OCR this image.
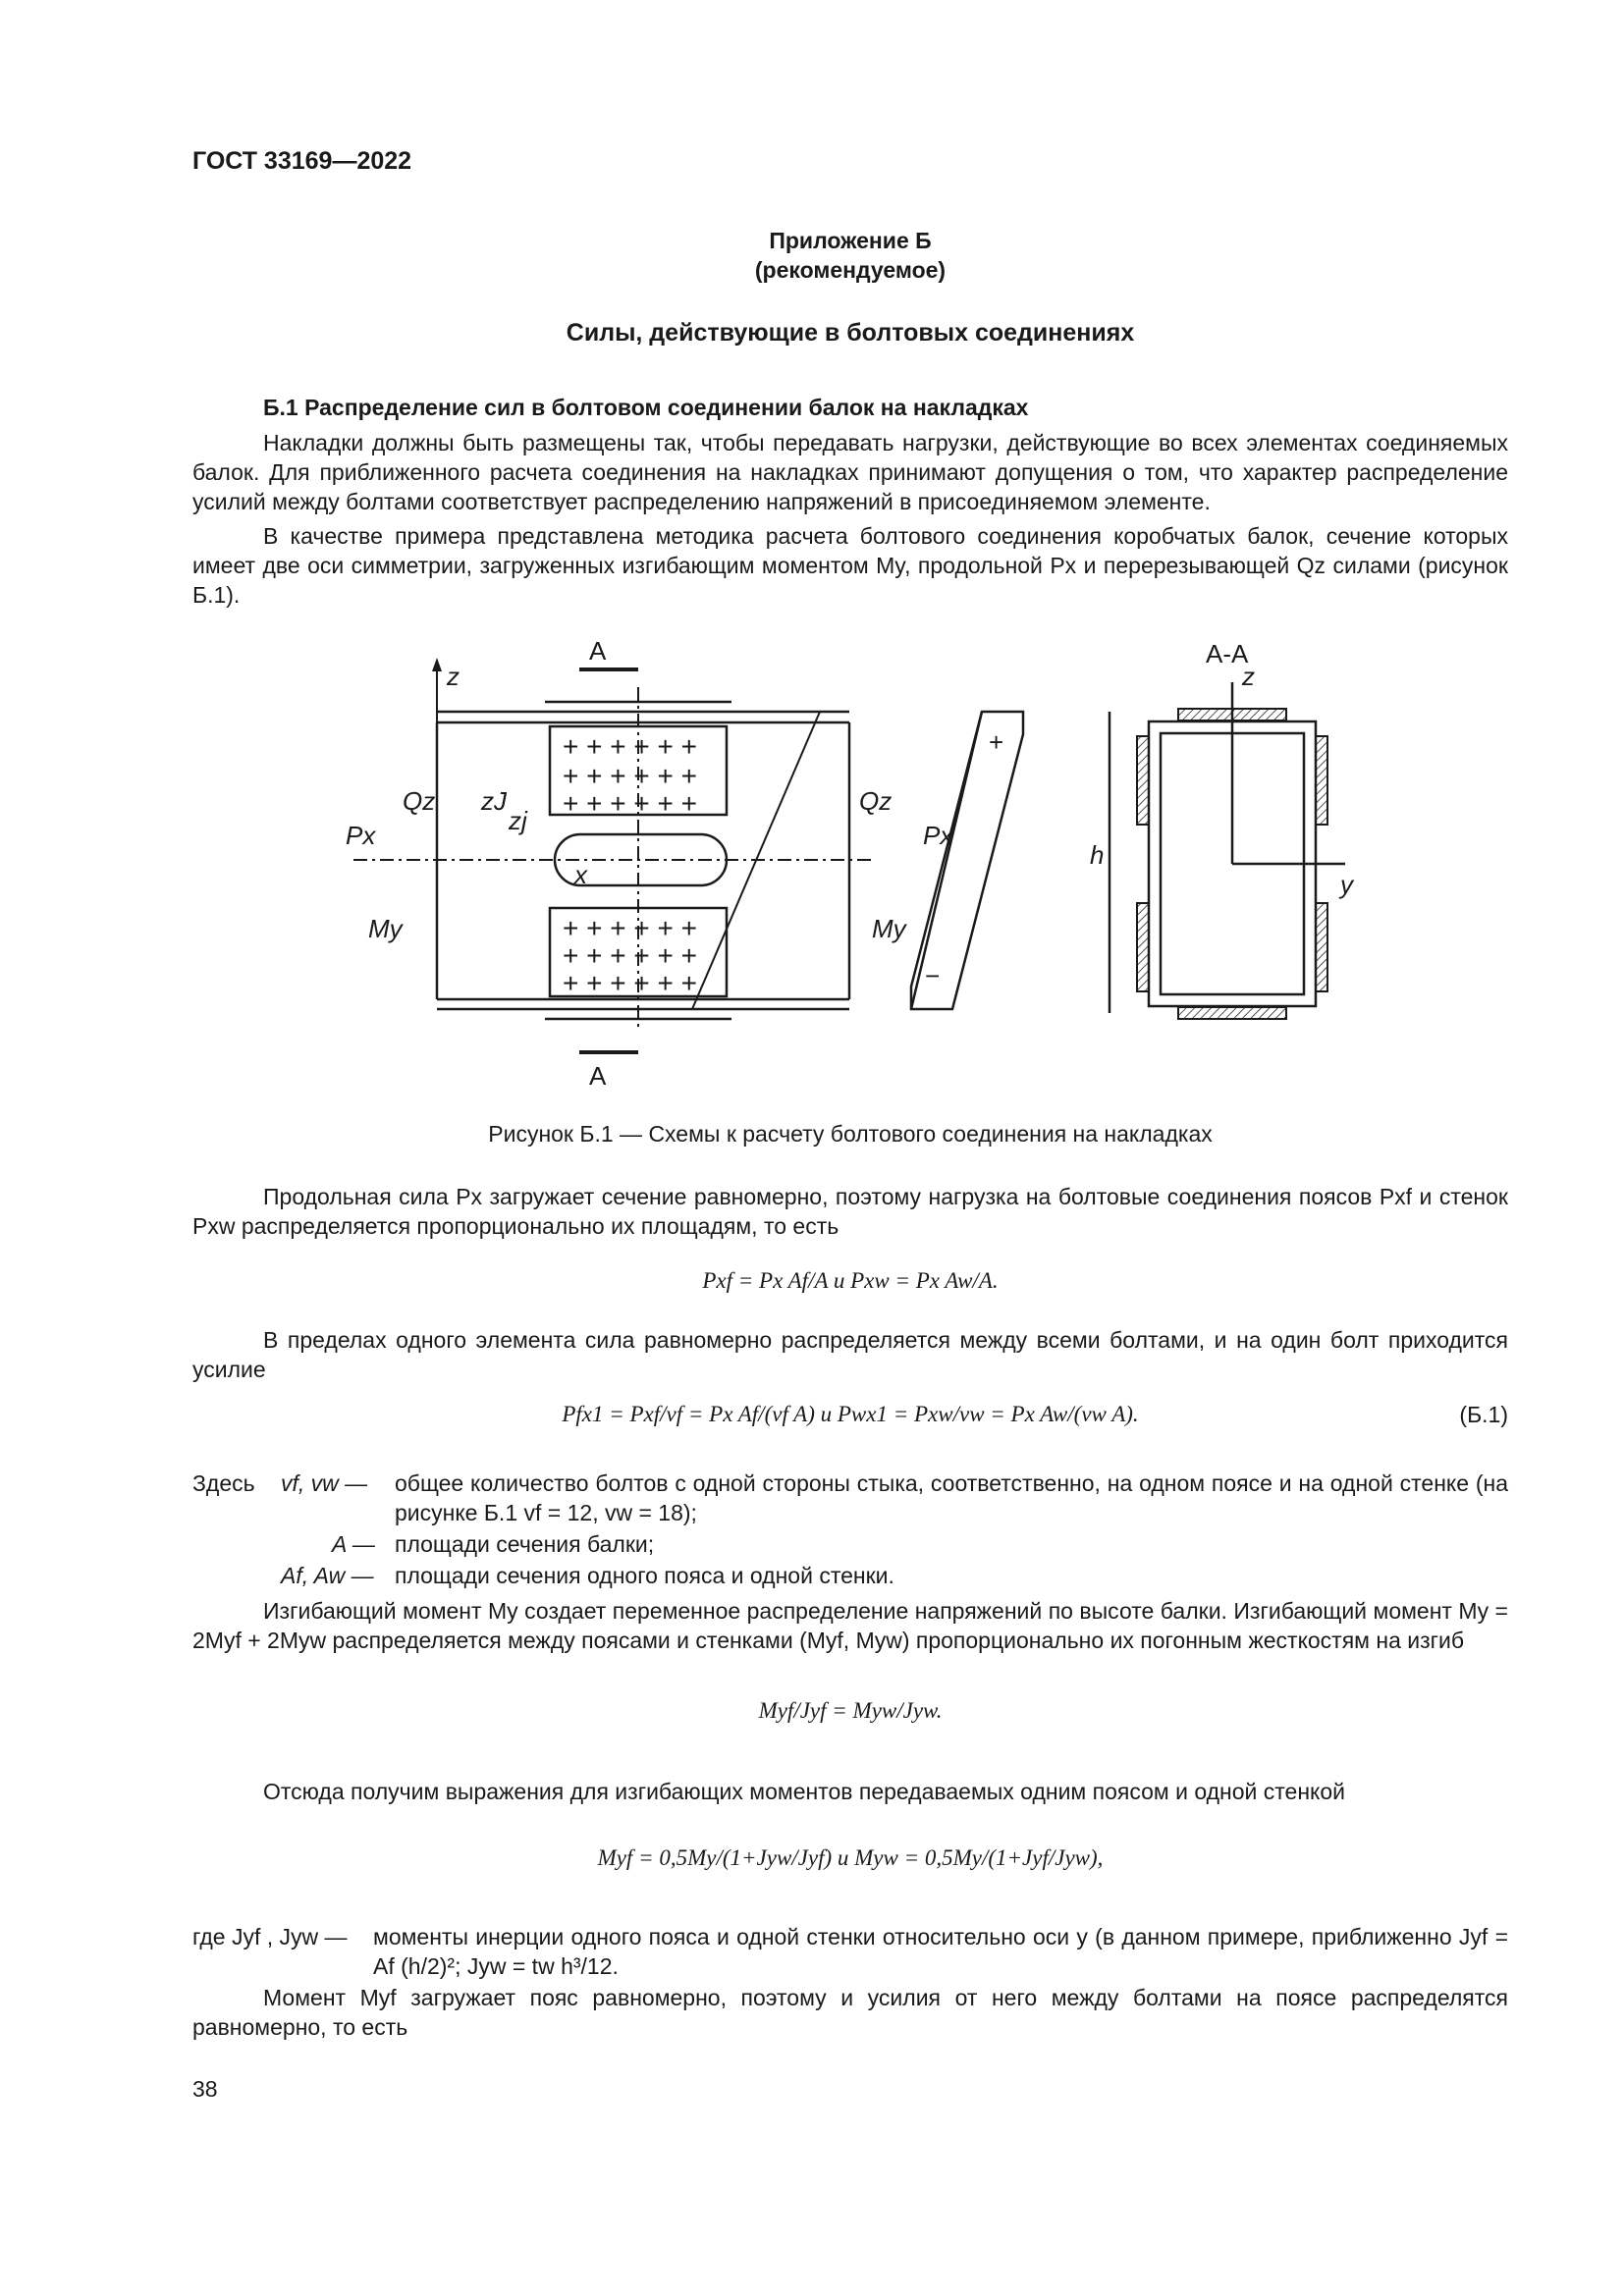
ГОСТ 33169—2022
Приложение Б
(рекомендуемое)
Силы, действующие в болтовых соединениях
Б.1 Распределение сил в болтовом соединении балок на накладках
Накладки должны быть размещены так, чтобы передавать нагрузки, действующие во всех элементах соединяемых балок. Для приближенного расчета соединения на накладках принимают допущения о том, что характер распределение усилий между болтами соответствует распределению напряжений в присоединяемом элементе.
В качестве примера представлена методика расчета болтового соединения коробчатых балок, сечение которых имеет две оси симметрии, загруженных изгибающим моментом My, продольной Px и перерезывающей Qz силами (рисунок Б.1).
+ + + + + +
+ + + + + +
+ + + + + +
+ + + + + +
+ + + + + +
+ + + + + +
А
А
А-А
z	z
x	y
h
Qz	Qz
Px	Px
My	My
zJ
zj
+
−
Рисунок Б.1 — Схемы к расчету болтового соединения на накладках
Продольная сила Px загружает сечение равномерно, поэтому нагрузка на болтовые соединения поясов Pxf и стенок Pxw распределяется пропорционально их площадям, то есть
Pxf = Px Af/A и Pxw = Px Aw/A.
В пределах одного элемента сила равномерно распределяется между всеми болтами, и на один болт приходится усилие
Pfx1 = Pxf/vf = Px Af/(vf A) и Pwx1 = Pxw/vw = Px Aw/(vw A).	(Б.1)
Здесь vf, vw — общее количество болтов с одной стороны стыка, соответственно, на одном поясе и на одной стенке (на рисунке Б.1 vf = 12, vw = 18);
A — площади сечения балки;
Af, Aw — площади сечения одного пояса и одной стенки.
Изгибающий момент My создает переменное распределение напряжений по высоте балки. Изгибающий момент My = 2Myf + 2Myw распределяется между поясами и стенками (Myf, Myw) пропорционально их погонным жесткостям на изгиб
Myf/Jyf = Myw/Jyw.
Отсюда получим выражения для изгибающих моментов передаваемых одним поясом и одной стенкой
Myf = 0,5My/(1+Jyw/Jyf) и Myw = 0,5My/(1+Jyf/Jyw),
где Jyf , Jyw — моменты инерции одного пояса и одной стенки относительно оси y (в данном примере, приближенно Jyf = Af (h/2)²; Jyw = tw h³/12.
Момент Myf загружает пояс равномерно, поэтому и усилия от него между болтами на поясе распределятся равномерно, то есть
38
